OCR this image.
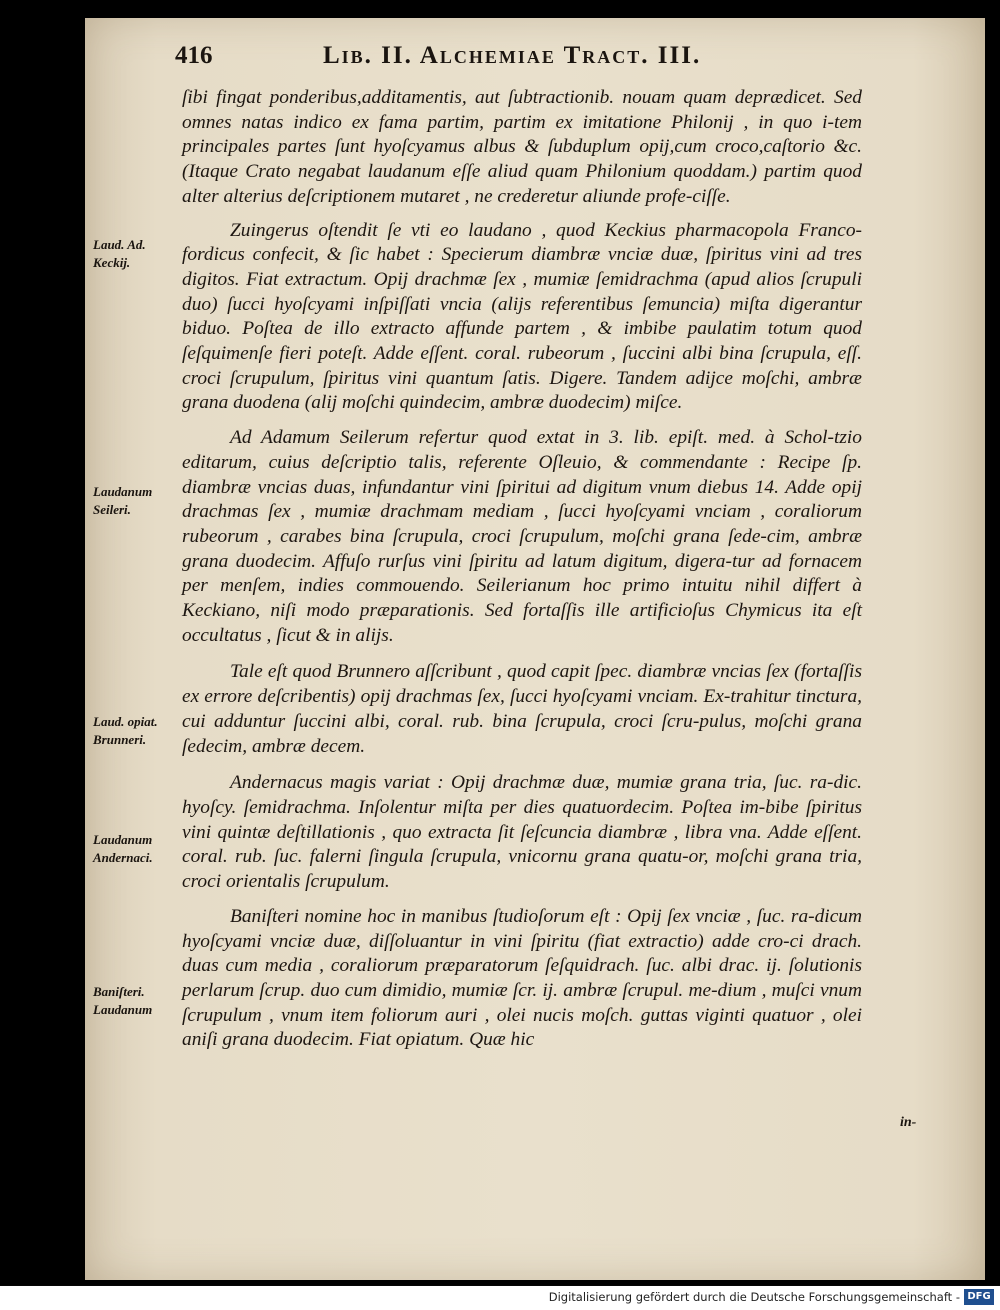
416	Lib. II. Alchemiae Tract. III.

ſibi fingat ponderibus,additamentis, aut ſubtractionib. nouam quam deprædicet. Sed omnes natas indico ex fama partim, partim ex imitatione Philonij , in quo i-tem principales partes ſunt hyoſcyamus albus & ſubduplum opij,cum croco,caſtorio &c. (Itaque Crato negabat laudanum eſſe aliud quam Philonium quoddam.) partim quod alter alterius deſcriptionem mutaret , ne crederetur aliunde profe-ciſſe.

Zuingerus oſtendit ſe vti eo laudano , quod Keckius pharmacopola Franco-fordicus confecit, & ſic habet : Specierum diambræ vnciæ duæ, ſpiritus vini ad tres digitos. Fiat extractum. Opij drachmæ ſex , mumiæ ſemidrachma (apud alios ſcrupuli duo) ſucci hyoſcyami inſpiſſati vncia (alijs referentibus ſemuncia) miſta digerantur biduo. Poſtea de illo extracto affunde partem , & imbibe paulatim totum quod ſeſquimenſe fieri poteſt. Adde eſſent. coral. rubeorum , ſuccini albi bina ſcrupula, eſſ. croci ſcrupulum, ſpiritus vini quantum ſatis. Digere. Tandem adijce moſchi, ambræ grana duodena (alij moſchi quindecim, ambræ duodecim) miſce.

Ad Adamum Seilerum refertur quod extat in 3. lib. epiſt. med. à Schol-tzio editarum, cuius deſcriptio talis, referente Oſleuio, & commendante : Recipe ſp. diambræ vncias duas, infundantur vini ſpiritui ad digitum vnum diebus 14. Adde opij drachmas ſex , mumiæ drachmam mediam , ſucci hyoſcyami vnciam , coraliorum rubeorum , carabes bina ſcrupula, croci ſcrupulum, moſchi grana ſede-cim, ambræ grana duodecim. Affuſo rurſus vini ſpiritu ad latum digitum, digera-tur ad fornacem per menſem, indies commouendo. Seilerianum hoc primo intuitu nihil differt à Keckiano, niſi modo præparationis. Sed fortaſſis ille artificioſus Chymicus ita eſt occultatus , ſicut & in alijs.

Tale eſt quod Brunnero aſſcribunt , quod capit ſpec. diambræ vncias ſex (fortaſſis ex errore deſcribentis) opij drachmas ſex, ſucci hyoſcyami vnciam. Ex-trahitur tinctura, cui adduntur ſuccini albi, coral. rub. bina ſcrupula, croci ſcru-pulus, moſchi grana ſedecim, ambræ decem.

Andernacus magis variat : Opij drachmæ duæ, mumiæ grana tria, ſuc. ra-dic. hyoſcy. ſemidrachma. Inſolentur miſta per dies quatuordecim. Poſtea im-bibe ſpiritus vini quintæ deſtillationis , quo extracta ſit ſeſcuncia diambræ , libra vna. Adde eſſent. coral. rub. ſuc. falerni ſingula ſcrupula, vnicornu grana quatu-or, moſchi grana tria, croci orientalis ſcrupulum.

Baniſteri nomine hoc in manibus ſtudioſorum eſt : Opij ſex vnciæ , ſuc. ra-dicum hyoſcyami vnciæ duæ, diſſoluantur in vini ſpiritu (fiat extractio) adde cro-ci drach. duas cum media , coraliorum præparatorum ſeſquidrach. ſuc. albi drac. ij. ſolutionis perlarum ſcrup. duo cum dimidio, mumiæ ſcr. ij. ambræ ſcrupul. me-dium , muſci vnum ſcrupulum , vnum item foliorum auri , olei nucis moſch. guttas viginti quatuor , olei aniſi grana duodecim. Fiat opiatum. Quæ hic

Laud. Ad. Keckij.
Laudanum Seileri.
Laud. opiat. Brunneri.
Laudanum Andernaci.
Baniſteri. Laudanum
in-
Digitalisierung gefördert durch die Deutsche Forschungsgemeinschaft - DFG
